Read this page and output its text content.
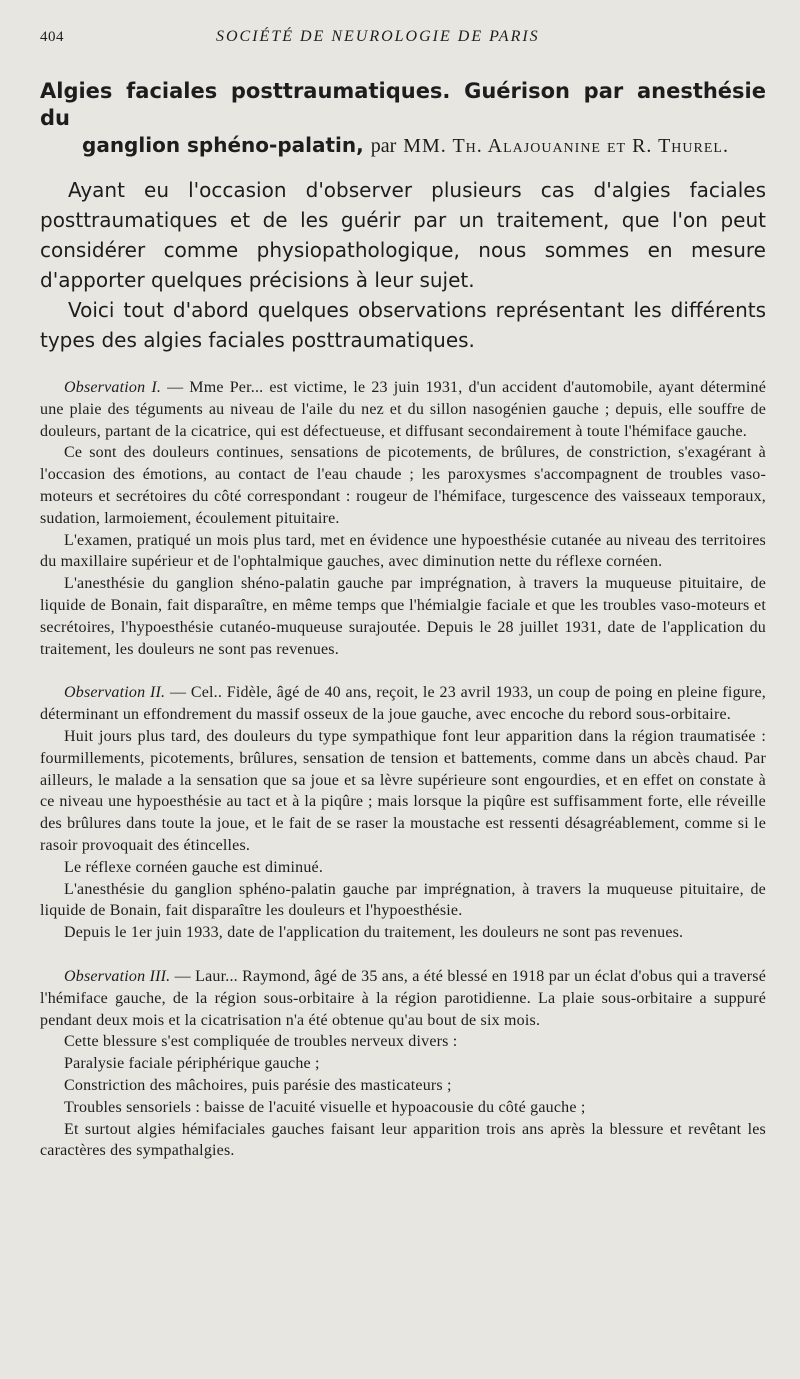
404	SOCIÉTÉ DE NEUROLOGIE DE PARIS
Algies faciales posttraumatiques. Guérison par anesthésie du
ganglion sphéno-palatin, par MM. Th. Alajouanine et R. Thurel.

Ayant eu l'occasion d'observer plusieurs cas d'algies faciales posttraumatiques et de les guérir par un traitement, que l'on peut considérer comme physiopathologique, nous sommes en mesure d'apporter quelques précisions à leur sujet.

Voici tout d'abord quelques observations représentant les différents types des algies faciales posttraumatiques.

Observation I. — Mme Per... est victime, le 23 juin 1931, d'un accident d'automobile, ayant déterminé une plaie des téguments au niveau de l'aile du nez et du sillon nasogénien gauche ; depuis, elle souffre de douleurs, partant de la cicatrice, qui est défectueuse, et diffusant secondairement à toute l'hémiface gauche.

Ce sont des douleurs continues, sensations de picotements, de brûlures, de constriction, s'exagérant à l'occasion des émotions, au contact de l'eau chaude ; les paroxysmes s'accompagnent de troubles vaso-moteurs et secrétoires du côté correspondant : rougeur de l'hémiface, turgescence des vaisseaux temporaux, sudation, larmoiement, écoulement pituitaire.

L'examen, pratiqué un mois plus tard, met en évidence une hypoesthésie cutanée au niveau des territoires du maxillaire supérieur et de l'ophtalmique gauches, avec diminution nette du réflexe cornéen.

L'anesthésie du ganglion shéno-palatin gauche par imprégnation, à travers la muqueuse pituitaire, de liquide de Bonain, fait disparaître, en même temps que l'hémialgie faciale et que les troubles vaso-moteurs et secrétoires, l'hypoesthésie cutanéo-muqueuse surajoutée. Depuis le 28 juillet 1931, date de l'application du traitement, les douleurs ne sont pas revenues.

Observation II. — Cel.. Fidèle, âgé de 40 ans, reçoit, le 23 avril 1933, un coup de poing en pleine figure, déterminant un effondrement du massif osseux de la joue gauche, avec encoche du rebord sous-orbitaire.

Huit jours plus tard, des douleurs du type sympathique font leur apparition dans la région traumatisée : fourmillements, picotements, brûlures, sensation de tension et battements, comme dans un abcès chaud. Par ailleurs, le malade a la sensation que sa joue et sa lèvre supérieure sont engourdies, et en effet on constate à ce niveau une hypoesthésie au tact et à la piqûre ; mais lorsque la piqûre est suffisamment forte, elle réveille des brûlures dans toute la joue, et le fait de se raser la moustache est ressenti désagréablement, comme si le rasoir provoquait des étincelles.

Le réflexe cornéen gauche est diminué.

L'anesthésie du ganglion sphéno-palatin gauche par imprégnation, à travers la muqueuse pituitaire, de liquide de Bonain, fait disparaître les douleurs et l'hypoesthésie.

Depuis le 1er juin 1933, date de l'application du traitement, les douleurs ne sont pas revenues.

Observation III. — Laur... Raymond, âgé de 35 ans, a été blessé en 1918 par un éclat d'obus qui a traversé l'hémiface gauche, de la région sous-orbitaire à la région parotidienne. La plaie sous-orbitaire a suppuré pendant deux mois et la cicatrisation n'a été obtenue qu'au bout de six mois.

Cette blessure s'est compliquée de troubles nerveux divers :

Paralysie faciale périphérique gauche ;

Constriction des mâchoires, puis parésie des masticateurs ;

Troubles sensoriels : baisse de l'acuité visuelle et hypoacousie du côté gauche ;

Et surtout algies hémifaciales gauches faisant leur apparition trois ans après la blessure et revêtant les caractères des sympathalgies.
